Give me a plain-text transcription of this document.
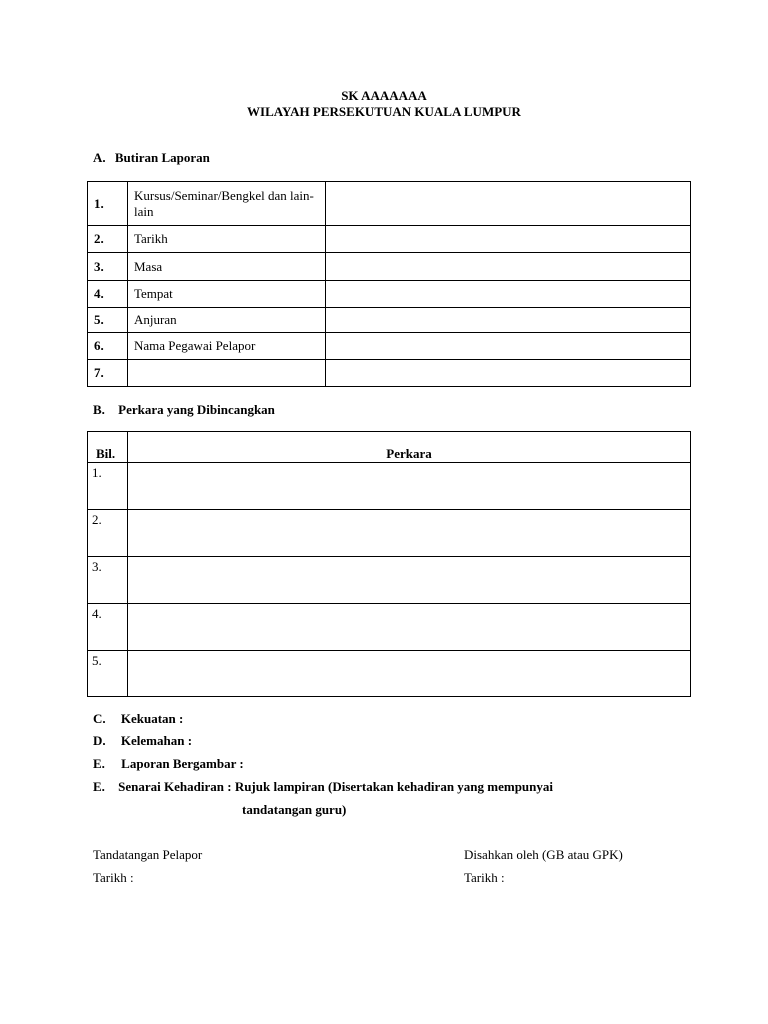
SK AAAAAAA
WILAYAH PERSEKUTUAN KUALA LUMPUR
A. Butiran Laporan
1.	Kursus/Seminar/Bengkel dan lain-lain	
2.	Tarikh	
3.	Masa	
4.	Tempat	
5.	Anjuran	
6.	Nama Pegawai Pelapor	
7.		
B. Perkara yang Dibincangkan
Bil.	Perkara
1.	
2.	
3.	
4.	
5.	
C. Kekuatan :
D. Kelemahan :
E. Laporan Bergambar :
E. Senarai Kehadiran : Rujuk lampiran (Disertakan kehadiran yang mempunyai
tandatangan guru)
Tandatangan Pelapor
Tarikh :
Disahkan oleh (GB atau GPK)
Tarikh :
